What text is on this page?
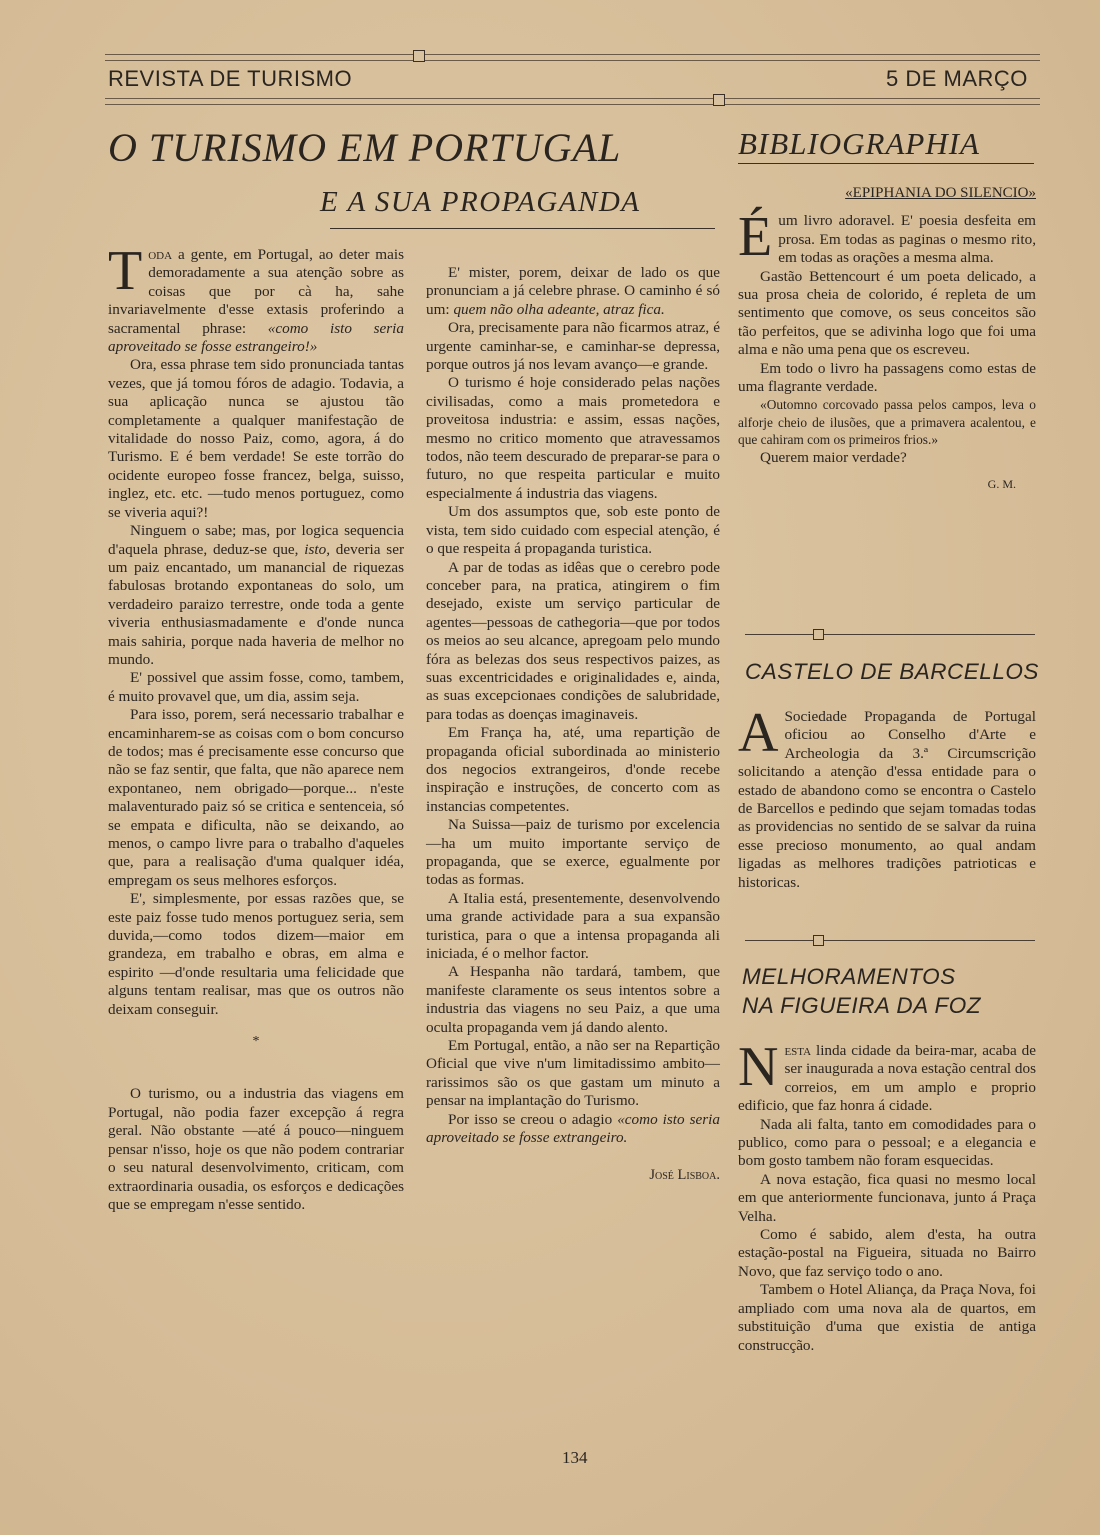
REVISTA DE TURISMO	5 DE MARÇO
O TURISMO EM PORTUGAL
E A SUA PROPAGANDA

Toda a gente, em Portugal, ao deter mais demoradamente a sua atenção sobre as coisas que por cà ha, sahe invariavelmente d'esse extasis proferindo a sacramental phrase: «como isto seria aproveitado se fosse estrangeiro!»

Ora, essa phrase tem sido pronunciada tantas vezes, que já tomou fóros de adagio. Todavia, a sua aplicação nunca se ajustou tão completamente a qualquer manifestação de vitalidade do nosso Paiz, como, agora, á do Turismo. E é bem verdade! Se este torrão do ocidente europeo fosse francez, belga, suisso, inglez, etc. etc. —tudo menos portuguez, como se viveria aqui?!

Ninguem o sabe; mas, por logica sequencia d'aquela phrase, deduz-se que, isto, deveria ser um paiz encantado, um manancial de riquezas fabulosas brotando expontaneas do solo, um verdadeiro paraizo terrestre, onde toda a gente viveria enthusiasmadamente e d'onde nunca mais sahiria, porque nada haveria de melhor no mundo.

E' possivel que assim fosse, como, tambem, é muito provavel que, um dia, assim seja.

Para isso, porem, será necessario trabalhar e encaminharem-se as coisas com o bom concurso de todos; mas é precisamente esse concurso que não se faz sentir, que falta, que não aparece nem expontaneo, nem obrigado—porque... n'este malaventurado paiz só se critica e sentenceia, só se empata e dificulta, não se deixando, ao menos, o campo livre para o trabalho d'aqueles que, para a realisação d'uma qualquer idéa, empregam os seus melhores esforços.

E', simplesmente, por essas razões que, se este paiz fosse tudo menos portuguez seria, sem duvida,—como todos dizem—maior em grandeza, em trabalho e obras, em alma e espirito —d'onde resultaria uma felicidade que alguns tentam realisar, mas que os outros não deixam conseguir.

*

O turismo, ou a industria das viagens em Portugal, não podia fazer excepção á regra geral. Não obstante —até á pouco—ninguem pensar n'isso, hoje os que não podem contrariar o seu natural desenvolvimento, criticam, com extraordinaria ousadia, os esforços e dedicações que se empregam n'esse sentido.

E' mister, porem, deixar de lado os que pronunciam a já celebre phrase. O caminho é só um: quem não olha adeante, atraz fica.

Ora, precisamente para não ficarmos atraz, é urgente caminhar-se, e caminhar-se depressa, porque outros já nos levam avanço—e grande.

O turismo é hoje considerado pelas nações civilisadas, como a mais prometedora e proveitosa industria: e assim, essas nações, mesmo no critico momento que atravessamos todos, não teem descurado de preparar-se para o futuro, no que respeita particular e muito especialmente á industria das viagens.

Um dos assumptos que, sob este ponto de vista, tem sido cuidado com especial atenção, é o que respeita á propaganda turistica.

A par de todas as idêas que o cerebro pode conceber para, na pratica, atingirem o fim desejado, existe um serviço particular de agentes—pessoas de cathegoria—que por todos os meios ao seu alcance, apregoam pelo mundo fóra as belezas dos seus respectivos paizes, as suas excentricidades e originalidades e, ainda, as suas excepcionaes condições de salubridade, para todas as doenças imaginaveis.

Em França ha, até, uma repartição de propaganda oficial subordinada ao ministerio dos negocios extrangeiros, d'onde recebe inspiração e instruções, de concerto com as instancias competentes.

Na Suissa—paiz de turismo por excelencia—ha um muito importante serviço de propaganda, que se exerce, egualmente por todas as formas.

A Italia está, presentemente, desenvolvendo uma grande actividade para a sua expansão turistica, para o que a intensa propaganda ali iniciada, é o melhor factor.

A Hespanha não tardará, tambem, que manifeste claramente os seus intentos sobre a industria das viagens no seu Paiz, a que uma oculta propaganda vem já dando alento.

Em Portugal, então, a não ser na Repartição Oficial que vive n'um limitadissimo ambito—rarissimos são os que gastam um minuto a pensar na implantação do Turismo.

Por isso se creou o adagio «como isto seria aproveitado se fosse extrangeiro.

José Lisboa.
BIBLIOGRAPHIA
«EPIPHANIA DO SILENCIO»

Éum livro adoravel. E' poesia desfeita em prosa. Em todas as paginas o mesmo rito, em todas as orações a mesma alma.

Gastão Bettencourt é um poeta delicado, a sua prosa cheia de colorido, é repleta de um sentimento que comove, os seus conceitos são tão perfeitos, que se adivinha logo que foi uma alma e não uma pena que os escreveu.

Em todo o livro ha passagens como estas de uma flagrante verdade.

«Outomno corcovado passa pelos campos, leva o alforje cheio de ilusões, que a primavera acalentou, e que cahiram com os primeiros frios.»

Querem maior verdade?

G. M.
CASTELO DE BARCELLOS

A Sociedade Propaganda de Portugal oficiou ao Conselho d'Arte e Archeologia da 3.ª Circumscrição solicitando a atenção d'essa entidade para o estado de abandono como se encontra o Castelo de Barcellos e pedindo que sejam tomadas todas as providencias no sentido de se salvar da ruina esse precioso monumento, ao qual andam ligadas as melhores tradições patrioticas e historicas.

MELHORAMENTOS
NA FIGUEIRA DA FOZ

Nesta linda cidade da beira-mar, acaba de ser inaugurada a nova estação central dos correios, em um amplo e proprio edificio, que faz honra á cidade.

Nada ali falta, tanto em comodidades para o publico, como para o pessoal; e a elegancia e bom gosto tambem não foram esquecidas.

A nova estação, fica quasi no mesmo local em que anteriormente funcionava, junto á Praça Velha.

Como é sabido, alem d'esta, ha outra estação-postal na Figueira, situada no Bairro Novo, que faz serviço todo o ano.

Tambem o Hotel Aliança, da Praça Nova, foi ampliado com uma nova ala de quartos, em substituição d'uma que existia de antiga construcção.

134
